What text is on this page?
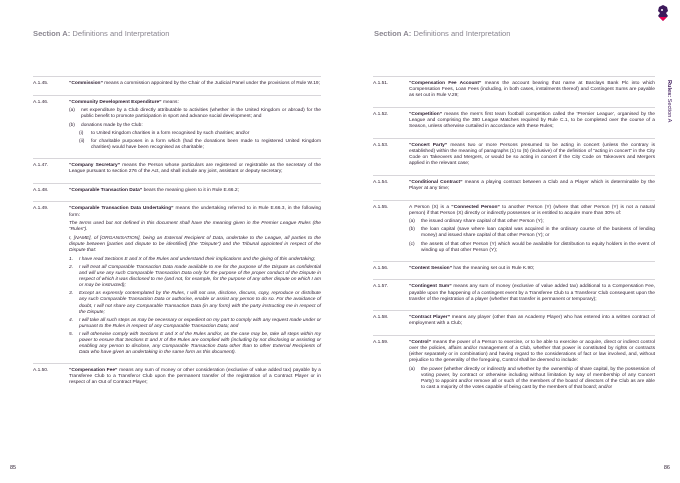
Section A: Definitions and Interpretation
A.1.45.	“Commission” means a commission appointed by the Chair of the Judicial Panel under the provisions of Rule W.19;

A.1.46.	“Community Development Expenditure” means:

(a)	net expenditure by a Club directly attributable to activities (whether in the United Kingdom or abroad) for the public benefit to promote participation in sport and advance social development; and
(b)	donations made by the Club:
(i)	to United Kingdom charities in a form recognised by such charities; and/or
(ii)	for charitable purposes in a form which (had the donations been made to registered United Kingdom charities) would have been recognised as charitable;
A.1.47.	“Company Secretary” means the Person whose particulars are registered or registrable as the secretary of the League pursuant to section 276 of the Act, and shall include any joint, assistant or deputy secretary;

A.1.48.	“Comparable Transaction Data” bears the meaning given to it in Rule E.66.2;

A.1.49.	“Comparable Transaction Data Undertaking” means the undertaking referred to in Rule E.66.3, in the following form:

The terms used but not defined in this document shall have the meaning given in the Premier League Rules (the “Rules”).

I, [NAME], of [ORGANISATION], being an External Recipient of Data, undertake to the League, all parties to the dispute between [parties and dispute to be identified] (the “Dispute”) and the Tribunal appointed in respect of the Dispute that:

1.	I have read Sections E and X of the Rules and understand their implications and the giving of this undertaking;
2.	I will treat all Comparable Transaction Data made available to me for the purpose of the Dispute as confidential and will use any such Comparable Transaction Data only for the purpose of the proper conduct of the Dispute in respect of which it was disclosed to me (and not, for example, for the purpose of any other dispute on which I am or may be instructed);
3.	Except as expressly contemplated by the Rules, I will not use, disclose, discuss, copy, reproduce or distribute any such Comparable Transaction Data or authorise, enable or assist any person to do so. For the avoidance of doubt, I will not share any Comparable Transaction Data (in any form) with the party instructing me in respect of the Dispute;
4.	I will take all such steps as may be necessary or expedient on my part to comply with any request made under or pursuant to the Rules in respect of any Comparable Transaction Data; and
5.	I will otherwise comply with Sections E and X of the Rules and/or, as the case may be, take all steps within my power to ensure that Sections E and X of the Rules are complied with (including by not disclosing or assisting or enabling any person to disclose, any Comparable Transaction Data other than to other External Recipients of Data who have given an undertaking in the same form as this document).
A.1.50.	“Compensation Fee” means any sum of money or other consideration (exclusive of value added tax) payable by a Transferee Club to a Transferor Club upon the permanent transfer of the registration of a Contract Player or in respect of an Out of Contract Player;

85
Section A: Definitions and Interpretation
Rules: Section A
A.1.51.	“Compensation Fee Account” means the account bearing that name at Barclays Bank Plc into which Compensation Fees, Loan Fees (including, in both cases, instalments thereof) and Contingent Sums are payable as set out in Rule V.29;

A.1.52.	“Competition” means the men’s first team football competition called the ‘Premier League’, organised by the League and comprising the 380 League Matches required by Rule C.1, to be completed over the course of a Season, unless otherwise curtailed in accordance with these Rules;

A.1.53.	“Concert Party” means two or more Persons presumed to be acting in concert (unless the contrary is established) within the meaning of paragraphs (1) to (5) (inclusive) of the definition of “acting in concert” in the City Code on Takeovers and Mergers, or would be so acting in concert if the City Code on Takeovers and Mergers applied in the relevant case;

A.1.54.	“Conditional Contract” means a playing contract between a Club and a Player which is determinable by the Player at any time;

A.1.55.	A Person (X) is a “Connected Person” to another Person (Y) (where that other Person (Y) is not a natural person) if that Person (X) directly or indirectly possesses or is entitled to acquire more than 30% of:

(a)	the issued ordinary share capital of that other Person (Y);
(b)	the loan capital (save where loan capital was acquired in the ordinary course of the business of lending money) and issued share capital of that other Person (Y); or
(c)	the assets of that other Person (Y) which would be available for distribution to equity holders in the event of winding up of that other Person (Y);
A.1.56.	“Content Session” has the meaning set out in Rule K.90;

A.1.57.	“Contingent Sum” means any sum of money (exclusive of value added tax) additional to a Compensation Fee, payable upon the happening of a contingent event by a Transferee Club to a Transferor Club consequent upon the transfer of the registration of a player (whether that transfer is permanent or temporary);

A.1.58.	“Contract Player” means any player (other than an Academy Player) who has entered into a written contract of employment with a Club;

A.1.59.	“Control” means the power of a Person to exercise, or to be able to exercise or acquire, direct or indirect control over the policies, affairs and/or management of a Club, whether that power is constituted by rights or contracts (either separately or in combination) and having regard to the considerations of fact or law involved, and, without prejudice to the generality of the foregoing, Control shall be deemed to include:

(a)	the power (whether directly or indirectly and whether by the ownership of share capital, by the possession of voting power, by contract or otherwise including without limitation by way of membership of any Concert Party) to appoint and/or remove all or such of the members of the board of directors of the Club as are able to cast a majority of the votes capable of being cast by the members of that board; and/or
86
